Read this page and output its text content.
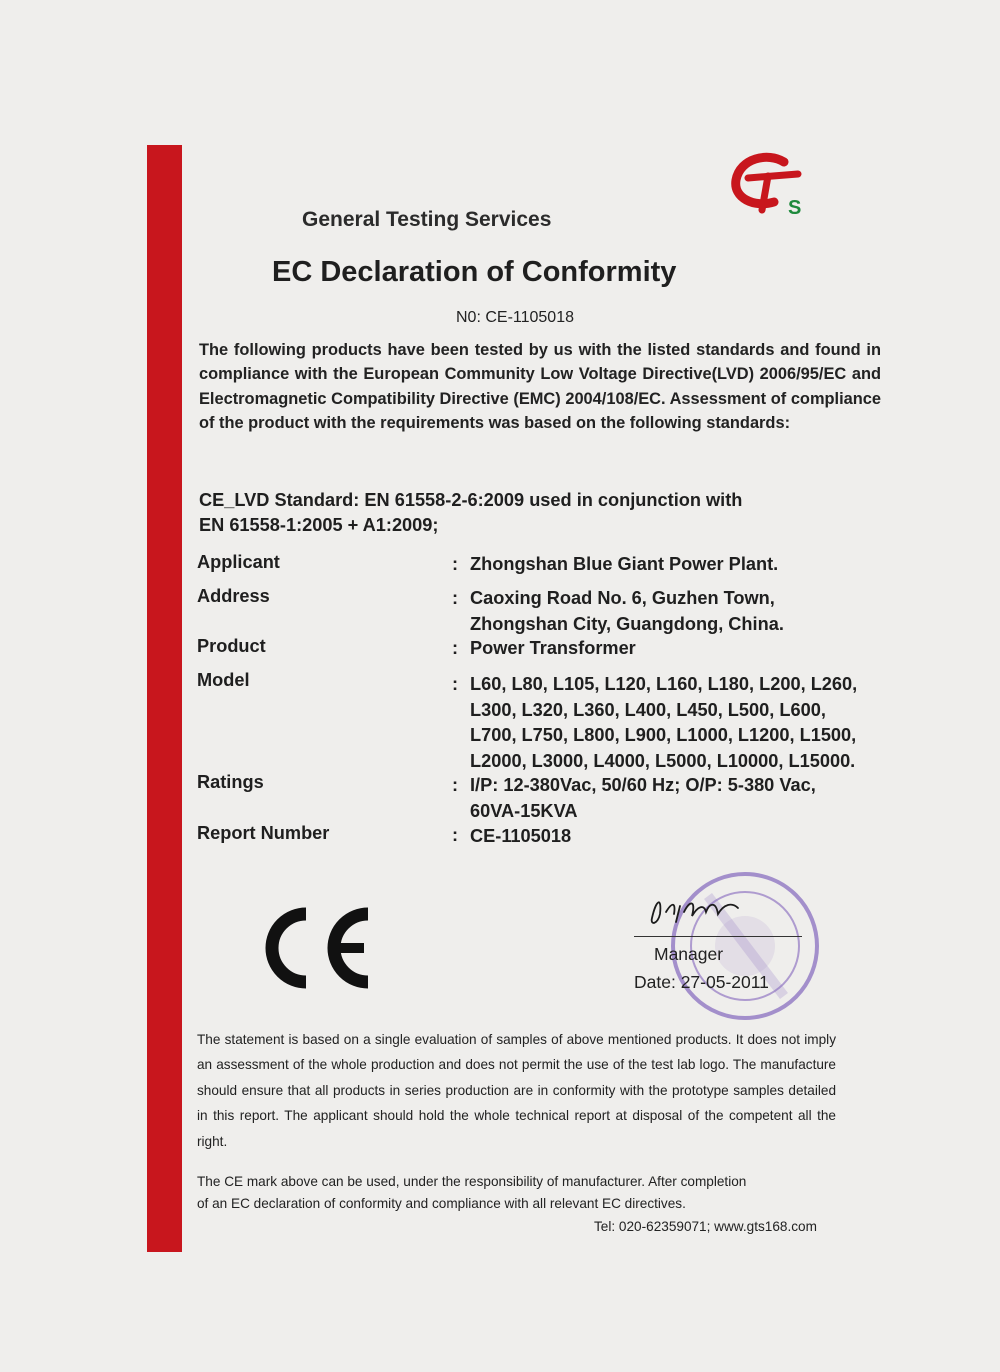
S
General Testing Services
EC Declaration of Conformity
N0: CE-1105018
The following products have been tested by us with the listed standards and found in compliance with the European Community Low Voltage Directive(LVD) 2006/95/EC and Electromagnetic Compatibility Directive (EMC) 2004/108/EC. Assessment of compliance of the product with the requirements was based on the following standards:
CE_LVD Standard: EN 61558-2-6:2009 used in conjunction with
EN 61558-1:2005 + A1:2009;
Applicant	: Zhongshan Blue Giant Power Plant.
Address	: Caoxing Road No. 6, Guzhen Town,
Zhongshan City, Guangdong, China.
Product	: Power Transformer
Model	: L60, L80, L105, L120, L160, L180, L200, L260,
L300, L320, L360, L400, L450, L500, L600,
L700, L750, L800, L900, L1000, L1200, L1500,
L2000, L3000, L4000, L5000, L10000, L15000.
Ratings	: I/P: 12-380Vac, 50/60 Hz; O/P: 5-380 Vac,
60VA-15KVA
Report Number	: CE-1105018
Manager
Date: 27-05-2011
The statement is based on a single evaluation of samples of above mentioned products. It does not imply an assessment of the whole production and does not permit the use of the test lab logo. The manufacture should ensure that all products in series production are in conformity with the prototype samples detailed in this report. The applicant should hold the whole technical report at disposal of the competent all the right.
The CE mark above can be used, under the responsibility of manufacturer. After completion
of an EC declaration of conformity and compliance with all relevant EC directives.
Tel: 020-62359071; www.gts168.com
